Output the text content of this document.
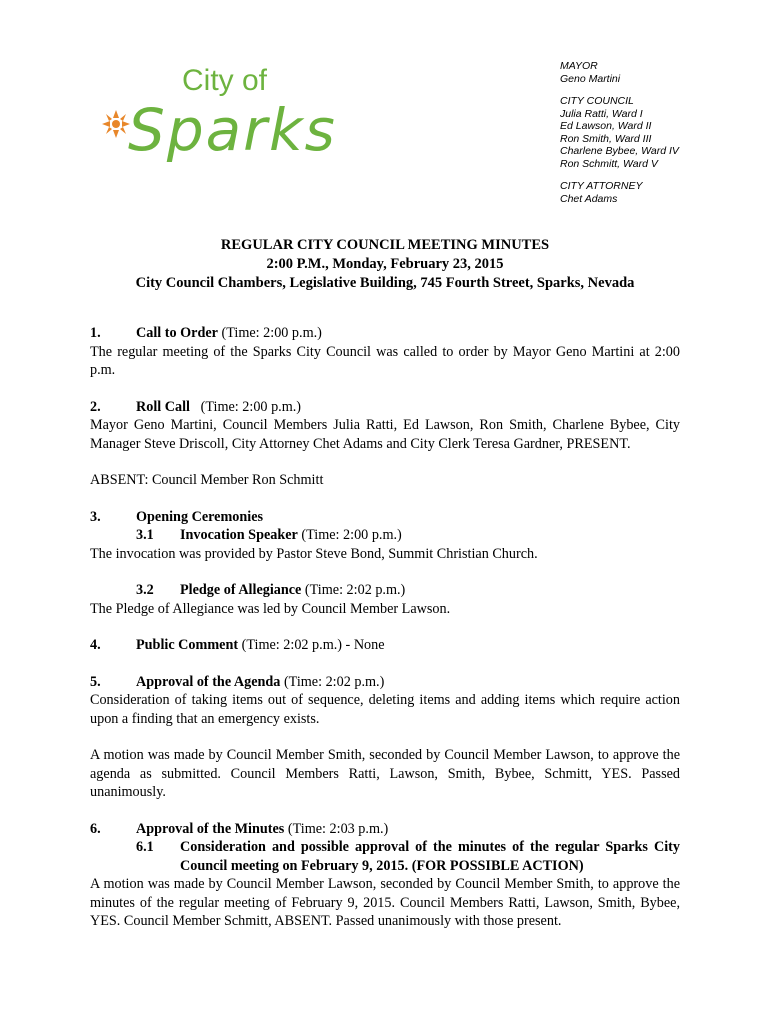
City of
Sparks
MAYOR
Geno Martini
CITY COUNCIL
Julia Ratti, Ward I
Ed Lawson, Ward II
Ron Smith, Ward III
Charlene Bybee, Ward IV
Ron Schmitt, Ward V
CITY ATTORNEY
Chet Adams
REGULAR CITY COUNCIL MEETING MINUTES
2:00 P.M., Monday, February 23, 2015
City Council Chambers, Legislative Building, 745 Fourth Street, Sparks, Nevada
1.	Call to Order (Time: 2:00 p.m.)

The regular meeting of the Sparks City Council was called to order by Mayor Geno Martini at 2:00 p.m.

2.	Roll Call   (Time: 2:00 p.m.)

Mayor Geno Martini, Council Members Julia Ratti, Ed Lawson, Ron Smith, Charlene Bybee, City Manager Steve Driscoll, City Attorney Chet Adams and City Clerk Teresa Gardner, PRESENT.

ABSENT: Council Member Ron Schmitt

3.	Opening Ceremonies
3.1	Invocation Speaker (Time: 2:00 p.m.)

The invocation was provided by Pastor Steve Bond, Summit Christian Church.

3.2	Pledge of Allegiance (Time: 2:02 p.m.)

The Pledge of Allegiance was led by Council Member Lawson.

4.	Public Comment (Time: 2:02 p.m.) - None
5.	Approval of the Agenda (Time: 2:02 p.m.)

Consideration of taking items out of sequence, deleting items and adding items which require action upon a finding that an emergency exists.

A motion was made by Council Member Smith, seconded by Council Member Lawson, to approve the agenda as submitted. Council Members Ratti, Lawson, Smith, Bybee, Schmitt, YES. Passed unanimously.

6.	Approval of the Minutes (Time: 2:03 p.m.)
6.1	Consideration and possible approval of the minutes of the regular Sparks City Council meeting on February 9, 2015. (FOR POSSIBLE ACTION)

A motion was made by Council Member Lawson, seconded by Council Member Smith, to approve the minutes of the regular meeting of February 9, 2015. Council Members Ratti, Lawson, Smith, Bybee, YES. Council Member Schmitt, ABSENT. Passed unanimously with those present.
